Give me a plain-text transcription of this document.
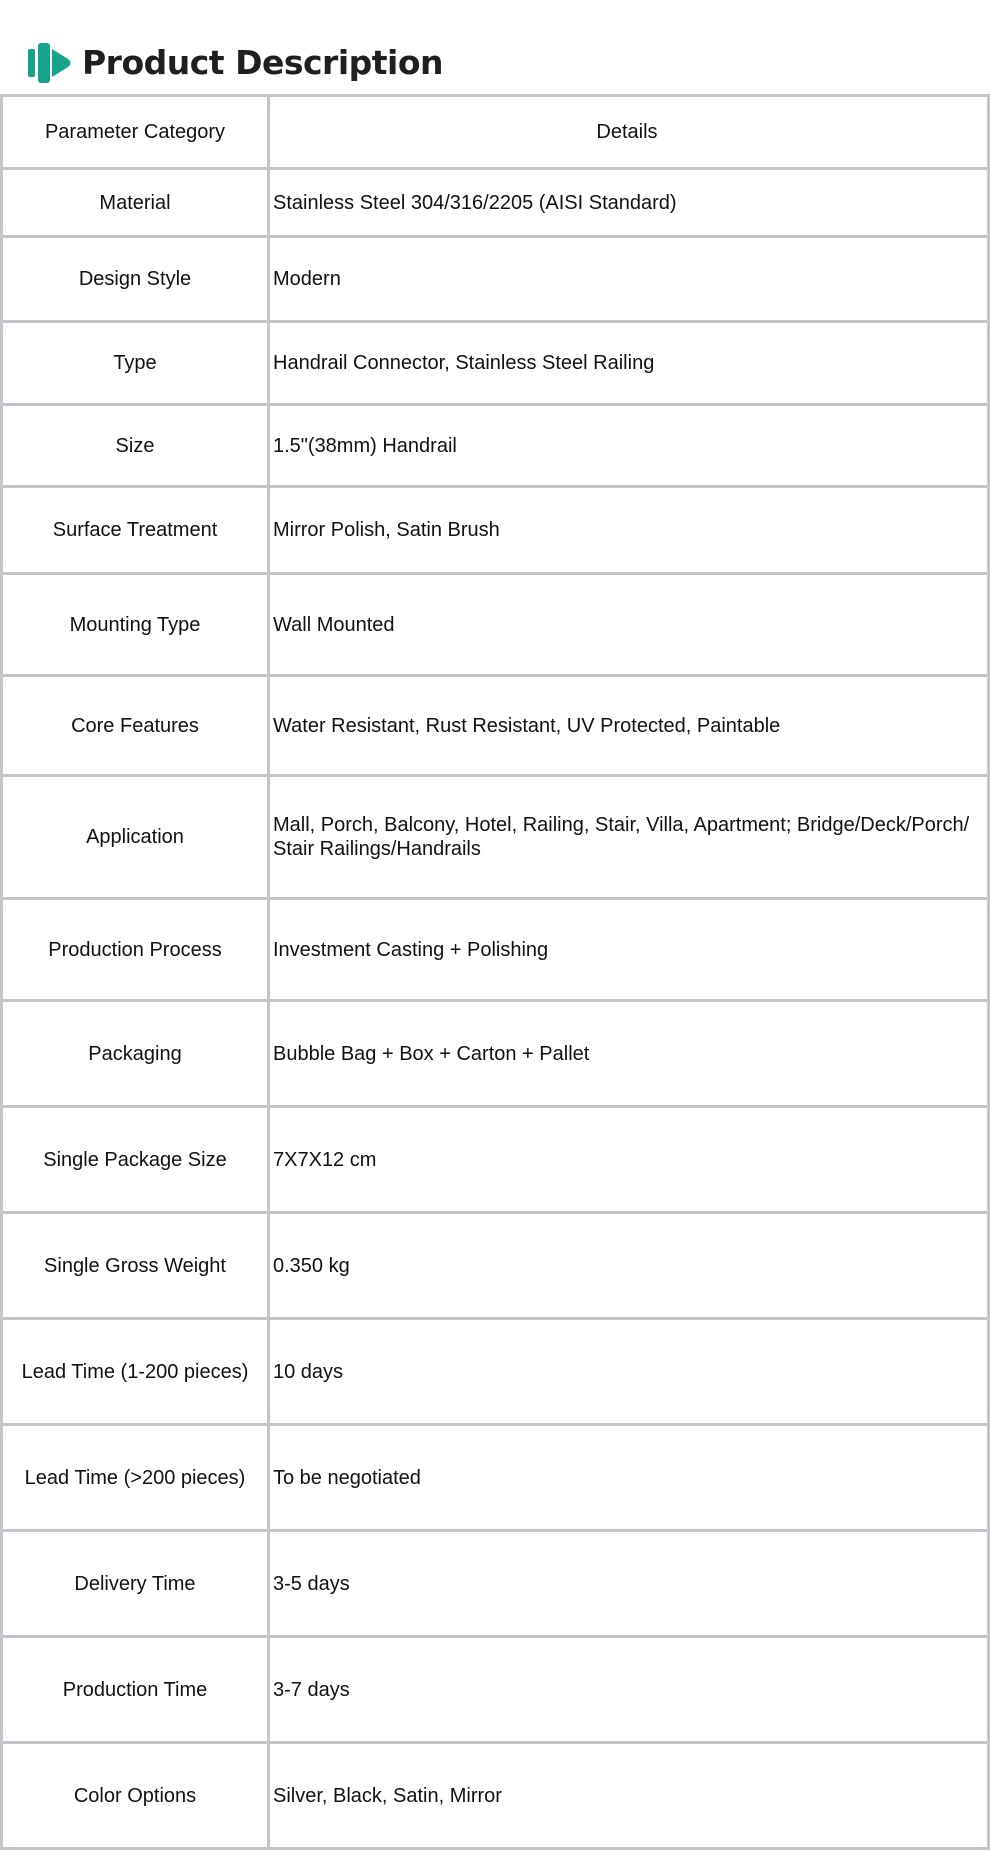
Product Description
Parameter Category	Details
Material	Stainless Steel 304/316/2205 (AISI Standard)
Design Style	Modern
Type	Handrail Connector, Stainless Steel Railing
Size	1.5"(38mm) Handrail
Surface Treatment	Mirror Polish, Satin Brush
Mounting Type	Wall Mounted
Core Features	Water Resistant, Rust Resistant, UV Protected, Paintable
Application	Mall, Porch, Balcony, Hotel, Railing, Stair, Villa, Apartment; Bridge/Deck/Porch/Stair Railings/Handrails
Production Process	Investment Casting + Polishing
Packaging	Bubble Bag + Box + Carton + Pallet
Single Package Size	7X7X12 cm
Single Gross Weight	0.350 kg
Lead Time (1-200 pieces)	10 days
Lead Time (>200 pieces)	To be negotiated
Delivery Time	3-5 days
Production Time	3-7 days
Color Options	Silver, Black, Satin, Mirror
